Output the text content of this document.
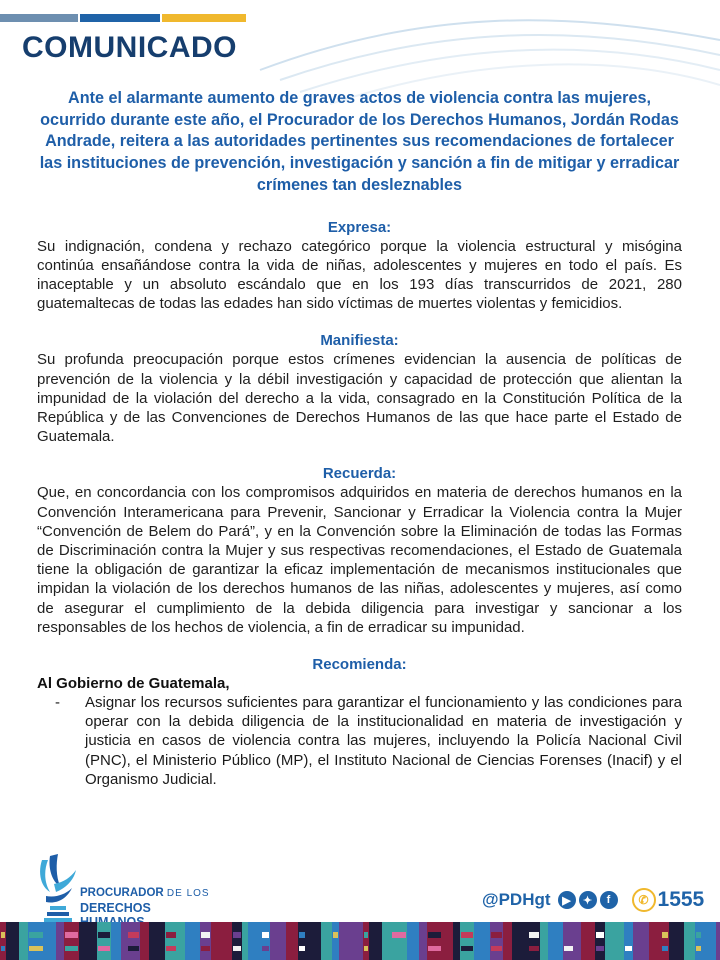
COMUNICADO

Ante el alarmante aumento de graves actos de violencia contra las mujeres, ocurrido durante este año, el Procurador de los Derechos Humanos, Jordán Rodas Andrade, reitera a las autoridades pertinentes sus recomendaciones de fortalecer las instituciones de prevención, investigación y sanción a fin de mitigar y erradicar crímenes tan desleznables

Expresa:

Su indignación, condena y rechazo categórico porque la violencia estructural y misógina continúa ensañándose contra la vida de niñas, adolescentes y mujeres en todo el país. Es inaceptable y un absoluto escándalo que en los 193 días transcurridos de 2021, 280 guatemaltecas de todas las edades han sido víctimas de muertes violentas y femicidios.

Manifiesta:

Su profunda preocupación porque estos crímenes evidencian la ausencia de políticas de prevención de la violencia y la débil investigación y capacidad de protección que alientan la impunidad de la violación del derecho a la vida, consagrado en la Constitución Política de la República y de las Convenciones de Derechos Humanos de las que hace parte el Estado de Guatemala.

Recuerda:

Que, en concordancia con los compromisos adquiridos en materia de derechos humanos en la Convención Interamericana para Prevenir, Sancionar y Erradicar la Violencia contra la Mujer “Convención de Belem do Pará”, y en la Convención sobre la Eliminación de todas las Formas de Discriminación contra la Mujer y sus respectivas recomendaciones, el Estado de Guatemala tiene la obligación de garantizar la eficaz implementación de mecanismos institucionales que impidan la violación de los derechos humanos de las niñas, adolescentes y mujeres, así como de asegurar el cumplimiento de la debida diligencia para investigar y sancionar a los responsables de los hechos de violencia, a fin de erradicar su impunidad.

Recomienda:

Al Gobierno de Guatemala,

- Asignar los recursos suficientes para garantizar el funcionamiento y las condiciones para operar con la debida diligencia de la institucionalidad en materia de investigación y justicia en casos de violencia contra las mujeres, incluyendo la Policía Nacional Civil (PNC), el Ministerio Público (MP), el Instituto Nacional de Ciencias Forenses (Inacif) y el Organismo Judicial.
PROCURADOR DE LOS
DERECHOS	@PDHgt	▶	✦	f	✆ 1555
